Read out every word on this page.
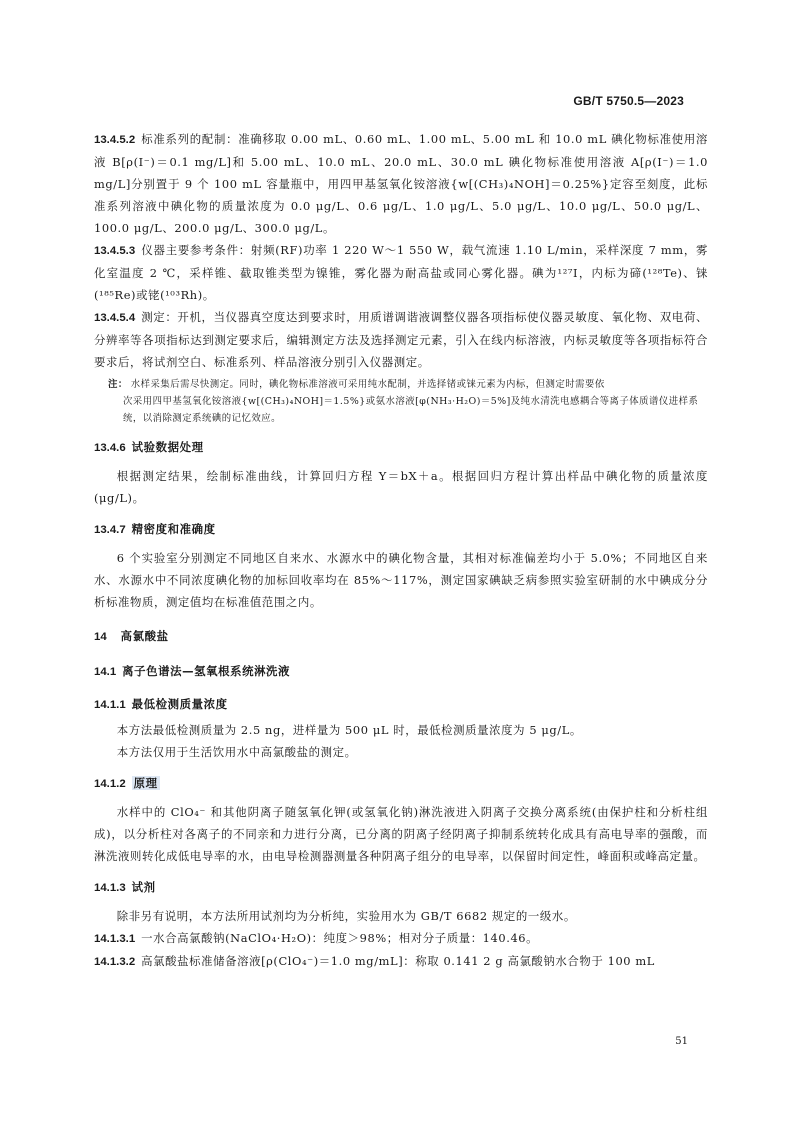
GB/T 5750.5—2023

13.4.5.2 标准系列的配制：准确移取 0.00 mL、0.60 mL、1.00 mL、5.00 mL 和 10.0 mL 碘化物标准使用溶液 B[ρ(I⁻)＝0.1 mg/L]和 5.00 mL、10.0 mL、20.0 mL、30.0 mL 碘化物标准使用溶液 A[ρ(I⁻)＝1.0 mg/L]分别置于 9 个 100 mL 容量瓶中，用四甲基氢氧化铵溶液{w[(CH₃)₄NOH]＝0.25%}定容至刻度，此标准系列溶液中碘化物的质量浓度为 0.0 μg/L、0.6 μg/L、1.0 μg/L、5.0 μg/L、10.0 μg/L、50.0 μg/L、100.0 μg/L、200.0 μg/L、300.0 μg/L。

13.4.5.3 仪器主要参考条件：射频(RF)功率 1 220 W～1 550 W，载气流速 1.10 L/min，采样深度 7 mm，雾化室温度 2 ℃，采样锥、截取锥类型为镍锥，雾化器为耐高盐或同心雾化器。碘为¹²⁷I，内标为碲(¹²⁸Te)、铼(¹⁸⁵Re)或铑(¹⁰³Rh)。

13.4.5.4 测定：开机，当仪器真空度达到要求时，用质谱调谐液调整仪器各项指标使仪器灵敏度、氧化物、双电荷、分辨率等各项指标达到测定要求后，编辑测定方法及选择测定元素，引入在线内标溶液，内标灵敏度等各项指标符合要求后，将试剂空白、标准系列、样品溶液分别引入仪器测定。

注： 水样采集后需尽快测定。同时，碘化物标准溶液可采用纯水配制，并选择锗或铼元素为内标，但测定时需要依
次采用四甲基氢氧化铵溶液{w[(CH₃)₄NOH]＝1.5%}或氨水溶液[φ(NH₃·H₂O)＝5%]及纯水清洗电感耦合等离子体质谱仪进样系统，以消除测定系统碘的记忆效应。
13.4.6 试验数据处理

根据测定结果，绘制标准曲线，计算回归方程 Y＝bX＋a。根据回归方程计算出样品中碘化物的质量浓度(μg/L)。

13.4.7 精密度和准确度

6 个实验室分别测定不同地区自来水、水源水中的碘化物含量，其相对标准偏差均小于 5.0%；不同地区自来水、水源水中不同浓度碘化物的加标回收率均在 85%～117%，测定国家碘缺乏病参照实验室研制的水中碘成分分析标准物质，测定值均在标准值范围之内。

14 高氯酸盐
14.1 离子色谱法—氢氧根系统淋洗液
14.1.1 最低检测质量浓度

本方法最低检测质量为 2.5 ng，进样量为 500 μL 时，最低检测质量浓度为 5 μg/L。

本方法仅用于生活饮用水中高氯酸盐的测定。

14.1.2 原理

水样中的 ClO₄⁻ 和其他阴离子随氢氧化钾(或氢氧化钠)淋洗液进入阴离子交换分离系统(由保护柱和分析柱组成)，以分析柱对各离子的不同亲和力进行分离，已分离的阴离子经阴离子抑制系统转化成具有高电导率的强酸，而淋洗液则转化成低电导率的水，由电导检测器测量各种阴离子组分的电导率，以保留时间定性，峰面积或峰高定量。

14.1.3 试剂

除非另有说明，本方法所用试剂均为分析纯，实验用水为 GB/T 6682 规定的一级水。

14.1.3.1 一水合高氯酸钠(NaClO₄·H₂O)：纯度＞98%；相对分子质量：140.46。

14.1.3.2 高氯酸盐标准储备溶液[ρ(ClO₄⁻)＝1.0 mg/mL]：称取 0.141 2 g 高氯酸钠水合物于 100 mL

51
